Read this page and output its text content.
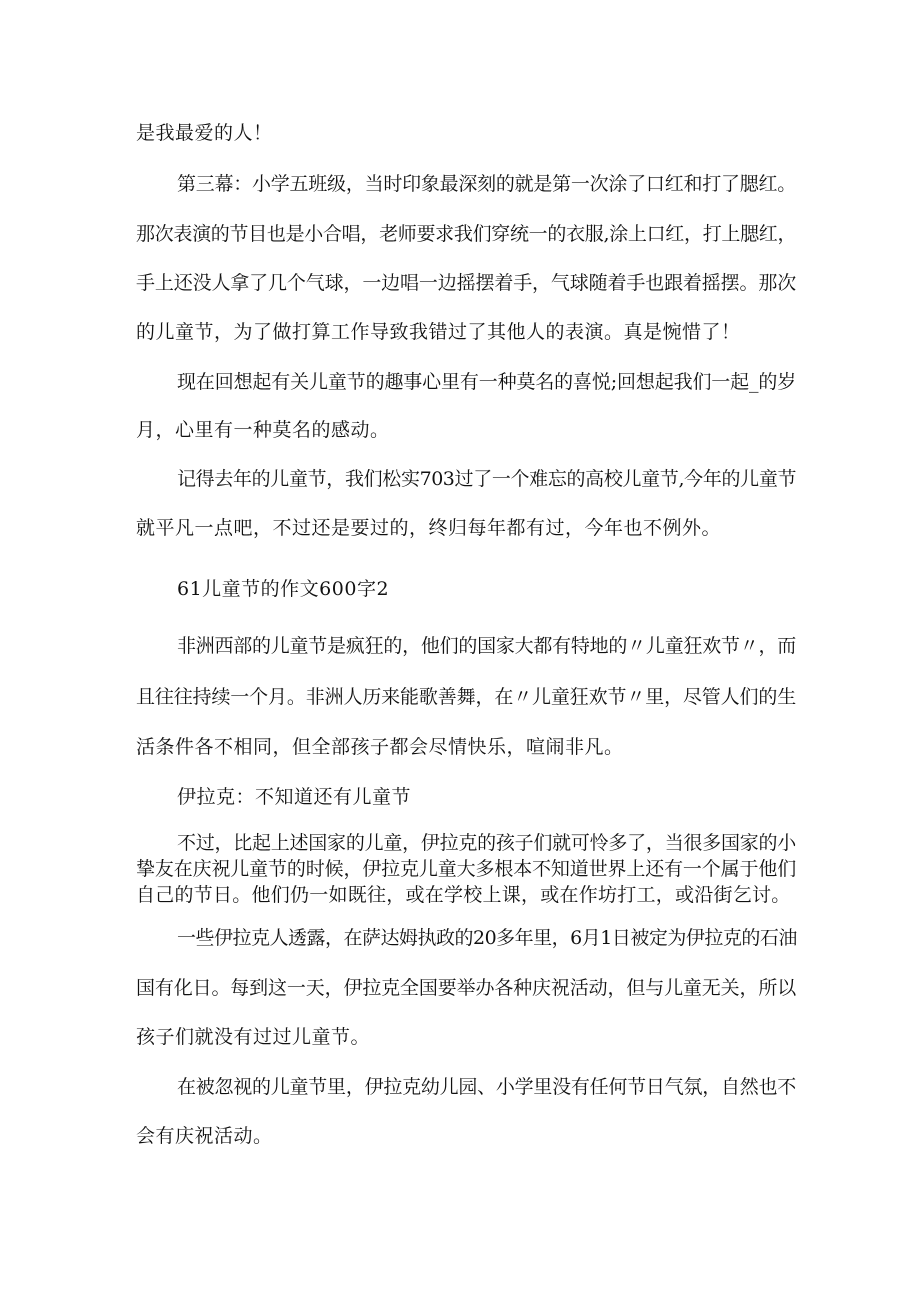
是我最爱的人！

第三幕：小学五班级，当时印象最深刻的就是第一次涂了口红和打了腮红。

那次表演的节目也是小合唱，老师要求我们穿统一的衣服,涂上口红，打上腮红，

手上还没人拿了几个气球，一边唱一边摇摆着手，气球随着手也跟着摇摆。那次

的儿童节，为了做打算工作导致我错过了其他人的表演。真是惋惜了！

现在回想起有关儿童节的趣事心里有一种莫名的喜悦;回想起我们一起_的岁

月，心里有一种莫名的感动。

记得去年的儿童节，我们松实703过了一个难忘的高校儿童节,今年的儿童节

就平凡一点吧，不过还是要过的，终归每年都有过，今年也不例外。

61儿童节的作文600字2

非洲西部的儿童节是疯狂的，他们的国家大都有特地的〃儿童狂欢节〃，而

且往往持续一个月。非洲人历来能歌善舞，在〃儿童狂欢节〃里，尽管人们的生

活条件各不相同，但全部孩子都会尽情快乐，喧闹非凡。

伊拉克：不知道还有儿童节

不过，比起上述国家的儿童，伊拉克的孩子们就可怜多了，当很多国家的小

挚友在庆祝儿童节的时候，伊拉克儿童大多根本不知道世界上还有一个属于他们

自己的节日。他们仍一如既往，或在学校上课，或在作坊打工，或沿街乞讨。

一些伊拉克人透露，在萨达姆执政的20多年里，6月1日被定为伊拉克的石油

国有化日。每到这一天，伊拉克全国要举办各种庆祝活动，但与儿童无关，所以

孩子们就没有过过儿童节。

在被忽视的儿童节里，伊拉克幼儿园、小学里没有任何节日气氛，自然也不

会有庆祝活动。
